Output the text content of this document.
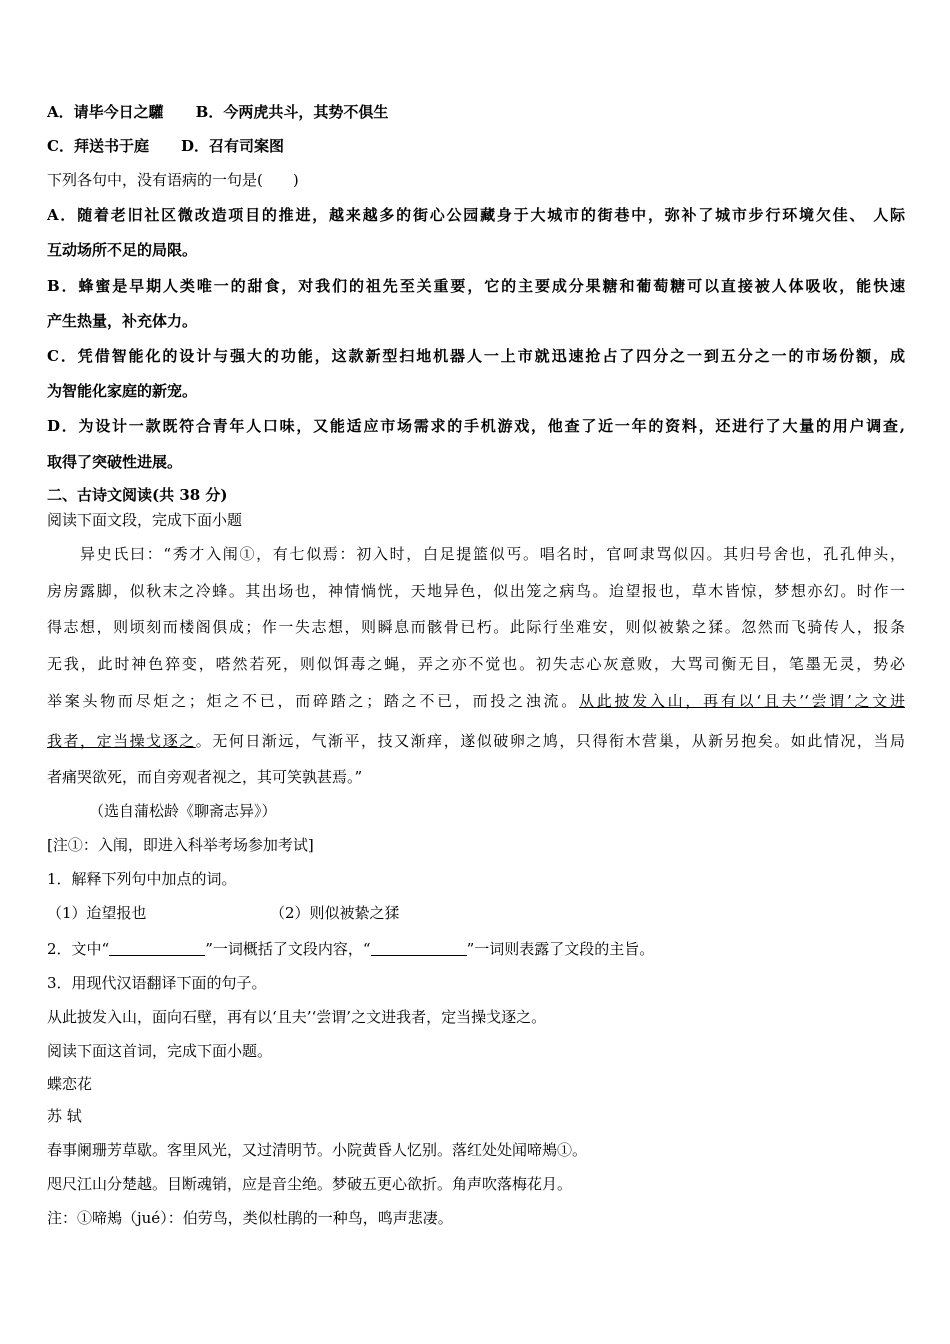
A．请毕今日之驩 B．今两虎共斗，其势不俱生
C．拜送书于庭 D．召有司案图
下列各句中，没有语病的一句是(　　)
A．随着老旧社区微改造项目的推进，越来越多的街心公园藏身于大城市的街巷中，弥补了城市步行环境欠佳、 人际
互动场所不足的局限。
B．蜂蜜是早期人类唯一的甜食，对我们的祖先至关重要，它的主要成分果糖和葡萄糖可以直接被人体吸收，能快速
产生热量，补充体力。
C．凭借智能化的设计与强大的功能，这款新型扫地机器人一上市就迅速抢占了四分之一到五分之一的市场份额，成
为智能化家庭的新宠。
D．为设计一款既符合青年人口味，又能适应市场需求的手机游戏，他查了近一年的资料，还进行了大量的用户调查,
取得了突破性进展。
二、古诗文阅读(共 38 分)
阅读下面文段，完成下面小题
异史氏曰：“秀才入闱①，有七似焉：初入时，白足提篮似丐。唱名时，官呵隶骂似囚。其归号舍也，孔孔伸头，
房房露脚，似秋末之冷蜂。其出场也，神情惝恍，天地异色，似出笼之病鸟。迨望报也，草木皆惊，梦想亦幻。时作一
得志想，则顷刻而楼阁俱成；作一失志想，则瞬息而骸骨已朽。此际行坐难安，则似被絷之猱。忽然而飞骑传人，报条
无我，此时神色猝变，嗒然若死，则似饵毒之蝇，弄之亦不觉也。初失志心灰意败，大骂司衡无目，笔墨无灵，势必
举案头物而尽炬之；炬之不已，而碎踏之；踏之不已，而投之浊流。从此披发入山，再有以‘且夫’‘尝谓’之文进
我者，定当操戈逐之。无何日渐远，气渐平，技又渐痒，遂似破卵之鸠，只得衔木营巢，从新另抱矣。如此情况，当局
者痛哭欲死，而自旁观者视之，其可笑孰甚焉。”
（选自蒲松龄《聊斋志异》）
[注①：入闱，即进入科举考场参加考试]
1．解释下列句中加点的词。
（1）迨望报也	（2）则似被絷之猱
2．文中“	”一词概括了文段内容，“	”一词则表露了文段的主旨。
3．用现代汉语翻译下面的句子。
从此披发入山，面向石壁，再有以‘且夫’‘尝谓’之文进我者，定当操戈逐之。
阅读下面这首词，完成下面小题。
蝶恋花
苏 轼
春事阑珊芳草歇。客里风光，又过清明节。小院黄昏人忆别。落红处处闻啼鴂①。
咫尺江山分楚越。目断魂销，应是音尘绝。梦破五更心欲折。角声吹落梅花月。
注：①啼鴂（jué）：伯劳鸟，类似杜鹃的一种鸟，鸣声悲凄。
